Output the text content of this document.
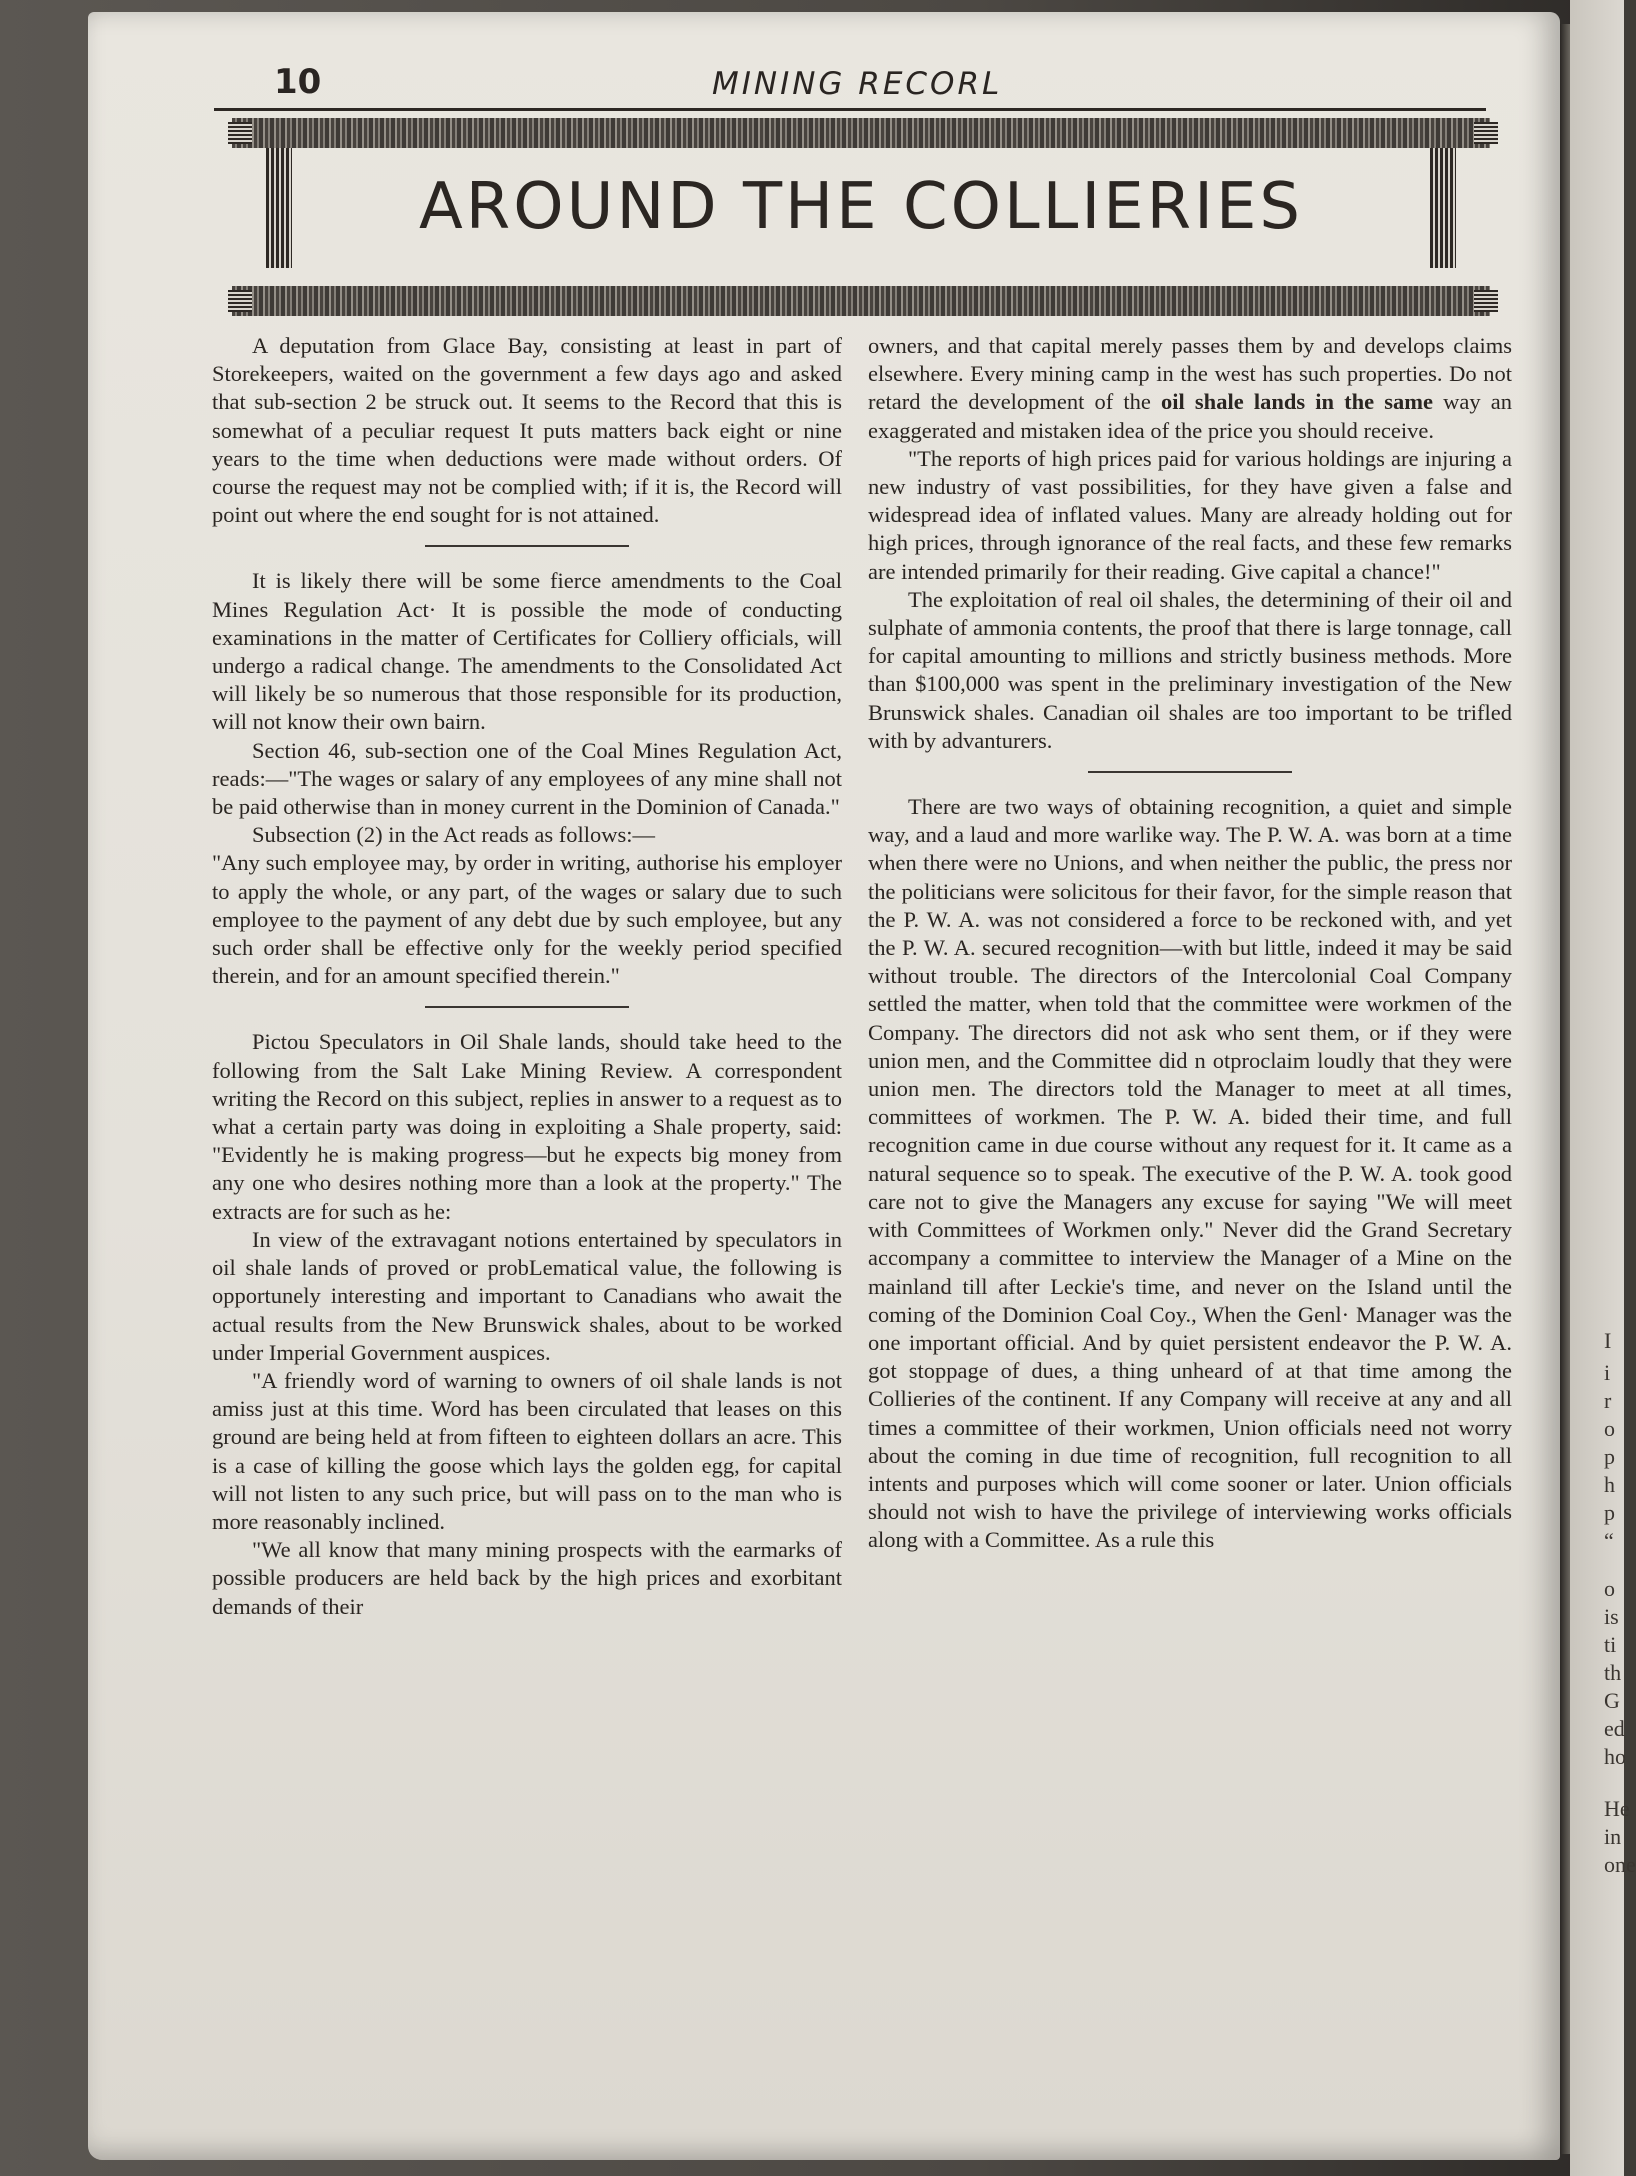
I
i
r
o
p
h
p
“
o
is
ti
th
G
ed
ho
He
in
one
10	MINING RECORL
AROUND THE COLLIERIES

A deputation from Glace Bay, consisting at least in part of Storekeepers, waited on the government a few days ago and asked that sub-section 2 be struck out. It seems to the Record that this is somewhat of a peculiar request It puts matters back eight or nine years to the time when deductions were made without orders. Of course the request may not be complied with; if it is, the Record will point out where the end sought for is not attained.

It is likely there will be some fierce amendments to the Coal Mines Regulation Act· It is possible the mode of conducting examinations in the matter of Certificates for Colliery officials, will undergo a radical change. The amendments to the Consolidated Act will likely be so numerous that those responsible for its production, will not know their own bairn.

Section 46, sub-section one of the Coal Mines Regulation Act, reads:—"The wages or salary of any employees of any mine shall not be paid otherwise than in money current in the Dominion of Canada."

Subsection (2) in the Act reads as follows:—

"Any such employee may, by order in writing, authorise his employer to apply the whole, or any part, of the wages or salary due to such employee to the payment of any debt due by such employee, but any such order shall be effective only for the weekly period specified therein, and for an amount specified therein."

Pictou Speculators in Oil Shale lands, should take heed to the following from the Salt Lake Mining Review. A correspondent writing the Record on this subject, replies in answer to a request as to what a certain party was doing in exploiting a Shale property, said: "Evidently he is making progress—but he expects big money from any one who desires nothing more than a look at the property." The extracts are for such as he:

In view of the extravagant notions entertained by speculators in oil shale lands of proved or probLematical value, the following is opportunely interesting and important to Canadians who await the actual results from the New Brunswick shales, about to be worked under Imperial Government auspices.

"A friendly word of warning to owners of oil shale lands is not amiss just at this time. Word has been circulated that leases on this ground are being held at from fifteen to eighteen dollars an acre. This is a case of killing the goose which lays the golden egg, for capital will not listen to any such price, but will pass on to the man who is more reasonably inclined.

"We all know that many mining prospects with the earmarks of possible producers are held back by the high prices and exorbitant demands of their

owners, and that capital merely passes them by and develops claims elsewhere. Every mining camp in the west has such properties. Do not retard the development of the oil shale lands in the same way an exaggerated and mistaken idea of the price you should receive.

"The reports of high prices paid for various holdings are injuring a new industry of vast possibilities, for they have given a false and widespread idea of inflated values. Many are already holding out for high prices, through ignorance of the real facts, and these few remarks are intended primarily for their reading. Give capital a chance!"

The exploitation of real oil shales, the determining of their oil and sulphate of ammonia contents, the proof that there is large tonnage, call for capital amounting to millions and strictly business methods. More than $100,000 was spent in the preliminary investigation of the New Brunswick shales. Canadian oil shales are too important to be trifled with by advanturers.

There are two ways of obtaining recognition, a quiet and simple way, and a laud and more warlike way. The P. W. A. was born at a time when there were no Unions, and when neither the public, the press nor the politicians were solicitous for their favor, for the simple reason that the P. W. A. was not considered a force to be reckoned with, and yet the P. W. A. secured recognition—with but little, indeed it may be said without trouble. The directors of the Intercolonial Coal Company settled the matter, when told that the committee were workmen of the Company. The directors did not ask who sent them, or if they were union men, and the Committee did n otproclaim loudly that they were union men. The directors told the Manager to meet at all times, committees of workmen. The P. W. A. bided their time, and full recognition came in due course without any request for it. It came as a natural sequence so to speak. The executive of the P. W. A. took good care not to give the Managers any excuse for saying "We will meet with Committees of Workmen only." Never did the Grand Secretary accompany a committee to interview the Manager of a Mine on the mainland till after Leckie's time, and never on the Island until the coming of the Dominion Coal Coy., When the Genl· Manager was the one important official. And by quiet persistent endeavor the P. W. A. got stoppage of dues, a thing unheard of at that time among the Collieries of the continent. If any Company will receive at any and all times a committee of their workmen, Union officials need not worry about the coming in due time of recognition, full recognition to all intents and purposes which will come sooner or later. Union officials should not wish to have the privilege of interviewing works officials along with a Committee. As a rule this
